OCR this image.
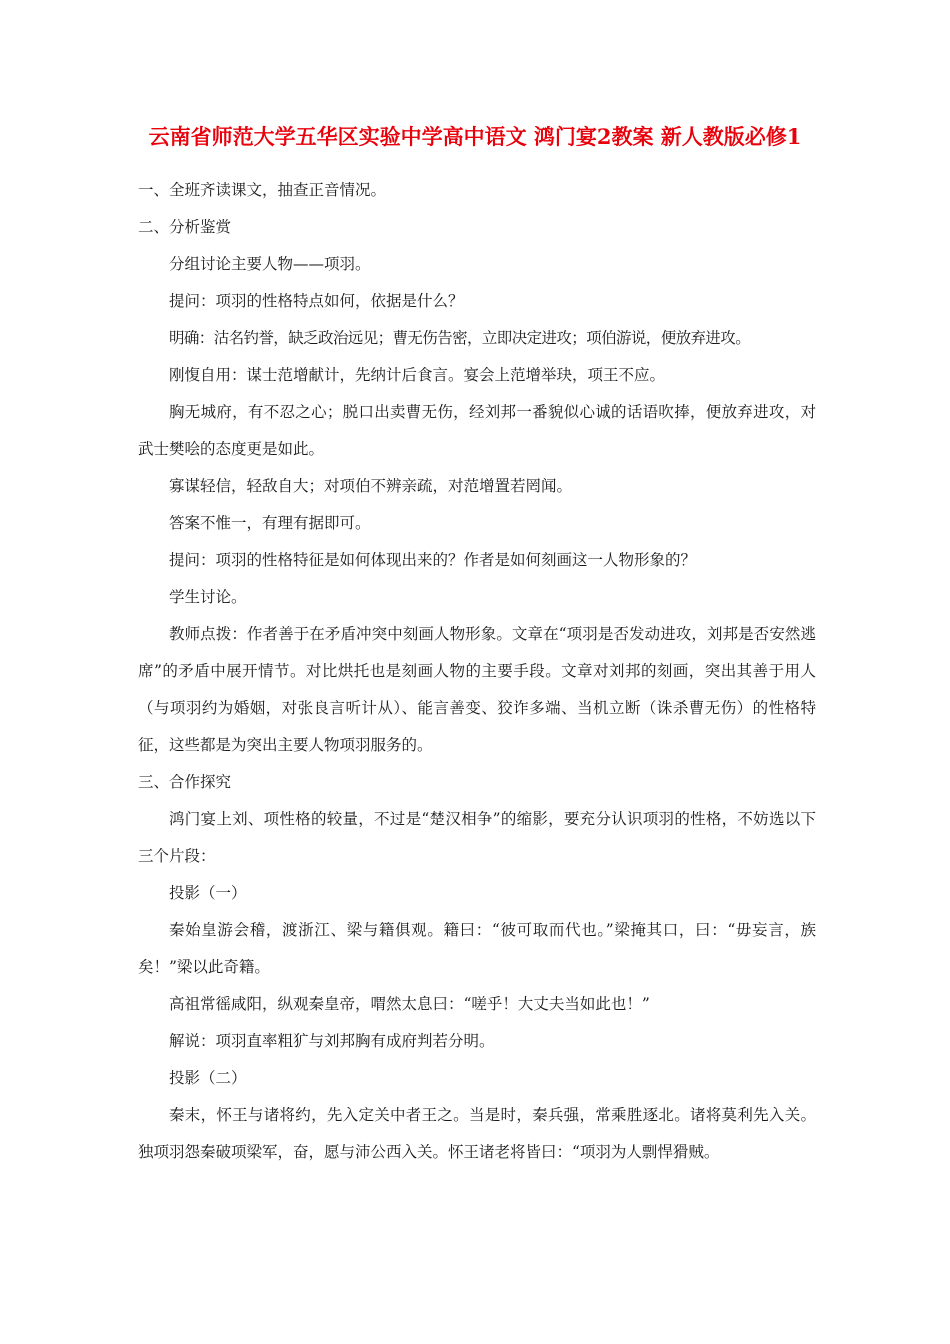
云南省师范大学五华区实验中学高中语文 鸿门宴2教案 新人教版必修1

一、全班齐读课文，抽查正音情况。

二、分析鉴赏

分组讨论主要人物——项羽。

提问：项羽的性格特点如何，依据是什么？

明确：沽名钓誉，缺乏政治远见；曹无伤告密，立即决定进攻；项伯游说，便放弃进攻。

刚愎自用：谋士范增献计，先纳计后食言。宴会上范增举玦，项王不应。

胸无城府，有不忍之心；脱口出卖曹无伤，经刘邦一番貌似心诚的话语吹捧，便放弃进攻，对武士樊哙的态度更是如此。

寡谋轻信，轻敌自大；对项伯不辨亲疏，对范增置若罔闻。

答案不惟一，有理有据即可。

提问：项羽的性格特征是如何体现出来的？作者是如何刻画这一人物形象的？

学生讨论。

教师点拨：作者善于在矛盾冲突中刻画人物形象。文章在“项羽是否发动进攻，刘邦是否安然逃席”的矛盾中展开情节。对比烘托也是刻画人物的主要手段。文章对刘邦的刻画，突出其善于用人（与项羽约为婚姻，对张良言听计从）、能言善变、狡诈多端、当机立断（诛杀曹无伤）的性格特征，这些都是为突出主要人物项羽服务的。

三、合作探究

鸿门宴上刘、项性格的较量，不过是“楚汉相争”的缩影，要充分认识项羽的性格，不妨选以下三个片段：

投影（一）

秦始皇游会稽，渡浙江、梁与籍俱观。籍曰：“彼可取而代也。”梁掩其口，曰：“毋妄言，族矣！”梁以此奇籍。

高祖常徭咸阳，纵观秦皇帝，喟然太息曰：“嗟乎！大丈夫当如此也！”

解说：项羽直率粗犷与刘邦胸有成府判若分明。

投影（二）

秦末，怀王与诸将约，先入定关中者王之。当是时，秦兵强，常乘胜逐北。诸将莫利先入关。独项羽怨秦破项梁军，奋，愿与沛公西入关。怀王诸老将皆曰：“项羽为人剽悍猾贼。
